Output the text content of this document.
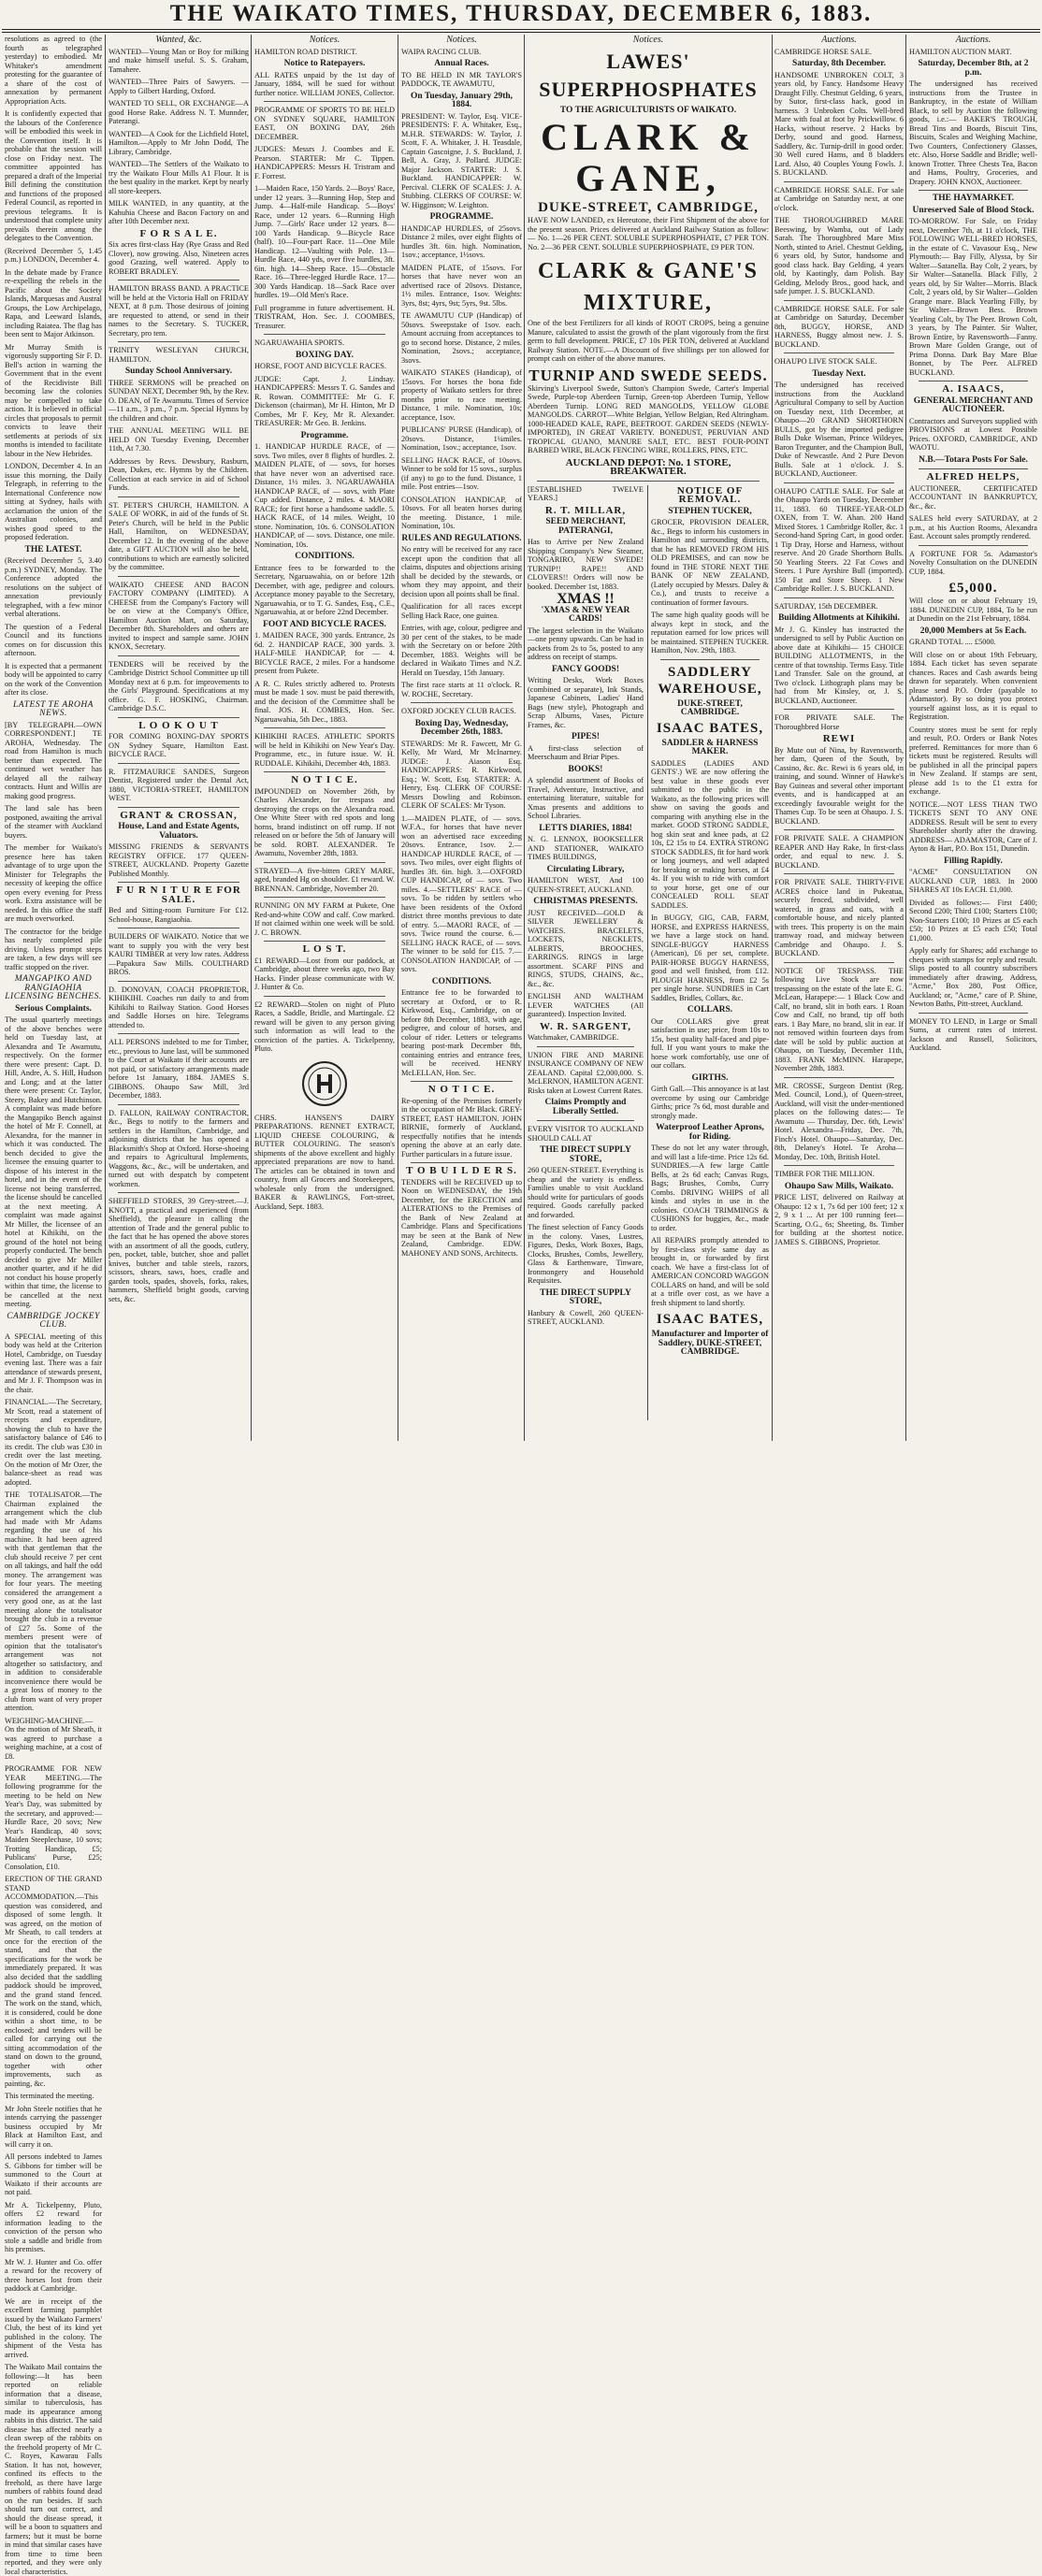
THE WAIKATO TIMES, THURSDAY, DECEMBER 6, 1883.
resolutions as agreed to (the fourth as telegraphed yesterday) to embodied. Mr Whitaker's amendment protesting for the guarantee of a share of the cost of annexation by permanent Appropriation Acts.
It is confidently expected that the labours of the Conference will be embodied this week in the Convention itself. It is probable that the session will close on Friday next. The committee appointed has prepared a draft of the Imperial Bill defining the constitution and functions of the proposed Federal Council, as reported in previous telegrams. It is understood that complete unity prevails therein among the delegates to the Convention.
(Received December 5, 1.45 p.m.) LONDON, December 4.
In the debate made by France re-expelling the rebels in the Pacific about the Society Islands, Marquesas and Austral Groups, the Low Archipelago, Rapa, and Leeward Islands, including Raiatea. The flag has been sent to Major Atkinson.
Mr Murray Smith is vigorously supporting Sir F. D. Bell's action in warning the Government that in the event of the Recidiviste Bill becoming law the colonies may be compelled to take action. It is believed in official circles that proposals to permit convicts to leave their settlements at periods of six months is intended to facilitate labour in the New Hebrides.
LONDON, December 4. In an issue this morning, the Daily Telegraph, in referring to the International Conference now sitting at Sydney, hails with acclamation the union of the Australian colonies, and wishes good speed to the proposed federation.
THE LATEST.
(Received December 5, 3.40 p.m.) SYDNEY, Monday. The Conference adopted the resolutions on the subject of annexation previously telegraphed, with a few minor verbal alterations.
The question of a Federal Council and its functions comes on for discussion this afternoon.
It is expected that a permanent body will be appointed to carry on the work of the Convention after its close.
LATEST TE AROHA NEWS.
[BY TELEGRAPH.—OWN CORRESPONDENT.] TE AROHA, Wednesday. The road from Hamilton is much better than expected. The continued wet weather has delayed all the railway contracts. Hunt and Willis are making good progress.
The land sale has been postponed, awaiting the arrival of the steamer with Auckland buyers.
The member for Waikato's presence here has taken advantage of to urge upon the Minister for Telegraphs the necessity of keeping the office open every evening for Press work. Extra assistance will be needed. In this office the staff are much overworked.
The contractor for the bridge has nearly completed pile driving. Unless prompt steps are taken, a few days will see traffic stopped on the river.
MANGAPIKO AND RANGIAOHIA LICENSING BENCHES.
Serious Complaints.
The usual quarterly meetings of the above benches were held on Tuesday last, at Alexandra and Te Awamutu, respectively. On the former there were present: Capt. D. Hill, Andre, A. S. Hill, Hudson and Long; and at the latter there were present: Cr. Taylor, Steery, Bakey and Hutchinson. A complaint was made before the Mangapiko Bench against the hotel of Mr F. Connell, at Alexandra, for the manner in which it was conducted. The bench decided to give the licensee the ensuing quarter to dispose of his interest in the hotel, and in the event of the license not being transferred, the license should be cancelled at the next meeting. A complaint was made against Mr Miller, the licensee of an hotel at Kihikihi, on the ground of the hotel not being properly conducted. The bench decided to give Mr Miller another quarter, and if he did not conduct his house properly within that time, the license to be cancelled at the next meeting.
CAMBRIDGE JOCKEY CLUB.
A SPECIAL meeting of this body was held at the Criterion Hotel, Cambridge, on Tuesday evening last. There was a fair attendance of stewards present, and Mr J. F. Thompson was in the chair.
FINANCIAL.—The Secretary, Mr Scott, read a statement of receipts and expenditure, showing the club to have the satisfactory balance of £46 to its credit. The club was £30 in credit over the last meeting. On the motion of Mr Ozer, the balance-sheet as read was adopted.
THE TOTALISATOR.—The Chairman explained the arrangement which the club had made with Mr Adams regarding the use of his machine. It had been agreed with that gentleman that the club should receive 7 per cent on all takings, and half the odd money. The arrangement was for four years. The meeting considered the arrangement a very good one, as at the last meeting alone the totalisator brought the club in a revenue of £27 5s. Some of the members present were of opinion that the totalisator's arrangement was not altogether so satisfactory, and in addition to considerable inconvenience there would be a great loss of money to the club from want of very proper attention.
WEIGHING-MACHINE.—On the motion of Mr Sheath, it was agreed to purchase a weighing machine, at a cost of £8.
PROGRAMME FOR NEW YEAR MEETING.—The following programme for the meeting to be held on New Year's Day, was submitted by the secretary, and approved:—Hurdle Race, 20 sovs; New Year's Handicap, 40 sovs; Maiden Steeplechase, 10 sovs; Trotting Handicap, £5; Publicans' Purse, £25; Consolation, £10.
ERECTION OF THE GRAND STAND ACCOMMODATION.—This question was considered, and disposed of some length. It was agreed, on the motion of Mr Sheath, to call tenders at once for the erection of the stand, and that the specifications for the work be immediately prepared. It was also decided that the saddling paddock should be improved, and the grand stand fenced. The work on the stand, which, it is considered, could be done within a short time, to be enclosed; and tenders will be called for carrying out the sitting accommodation of the stand on down to the ground, together with other improvements, such as painting, &c.
This terminated the meeting.
Mr John Steele notifies that he intends carrying the passenger business occupied by Mr Black at Hamilton East, and will carry it on.
All persons indebted to James S. Gibbons for timber will be summoned to the Court at Waikato if their accounts are not paid.
Mr A. Tickelpenny, Pluto, offers £2 reward for information leading to the conviction of the person who stole a saddle and bridle from his premises.
Mr W. J. Hunter and Co. offer a reward for the recovery of three horses lost from their paddock at Cambridge.
We are in receipt of the excellent farming pamphlet issued by the Waikato Farmers' Club, the best of its kind yet published in the colony. The shipment of the Vesta has arrived.
The Waikato Mail contains the following:—It has been reported on reliable information that a disease, similar to tuberculosis, has made its appearance among rabbits in this district. The said disease has affected nearly a clean sweep of the rabbits on the freehold property of Mr C. C. Royes, Kawarau Falls Station. It has not, however, confined its effects to the freehold, as there have large numbers of rabbits found dead on the run besides. If such should turn out correct, and should the disease spread, it will be a boon to squatters and farmers; but it must be borne in mind that similar cases have from time to time been reported, and they were only local characteristics.
Wanted, &c.
WANTED—Young Man or Boy for milking and make himself useful. S. S. Graham, Tamahere.
WANTED—Three Pairs of Sawyers. —Apply to Gilbert Harding, Oxford.
WANTED TO SELL, OR EXCHANGE—A good Horse Rake. Address N. T. Munnder, Paterangi.
WANTED—A Cook for the Lichfield Hotel, Hamilton.—Apply to Mr John Dodd, The Library, Cambridge.
WANTED—The Settlers of the Waikato to try the Waikato Flour Mills A1 Flour. It is the best quality in the market. Kept by nearly all store-keepers.
MILK WANTED, in any quantity, at the Kahuhia Cheese and Bacon Factory on and after 10th December next.
F O R S A L E.
Six acres first-class Hay (Rye Grass and Red Clover), now growing. Also, Nineteen acres good Grazing, well watered. Apply to ROBERT BRADLEY.
HAMILTON BRASS BAND. A PRACTICE will be held at the Victoria Hall on FRIDAY NEXT, at 8 p.m. Those desirous of joining are requested to attend, or send in their names to the Secretary. S. TUCKER, Secretary, pro tem.
TRINITY WESLEYAN CHURCH, HAMILTON.
Sunday School Anniversary.
THREE SERMONS will be preached on SUNDAY NEXT, December 9th, by the Rev. O. DEAN, of Te Awamutu. Times of Service—11 a.m., 3 p.m., 7 p.m. Special Hymns by the children and choir.
THE ANNUAL MEETING WILL BE HELD ON Tuesday Evening, December 11th, At 7.30.
Addresses by Revs. Dewsbury, Rasburn, Dean, Dukes, etc. Hymns by the Children. Collection at each service in aid of School Funds.
ST. PETER'S CHURCH, HAMILTON. A SALE OF WORK, in aid of the funds of St. Peter's Church, will be held in the Public Hall, Hamilton, on WEDNESDAY, December 12. In the evening of the above date, a GIFT AUCTION will also be held, contributions to which are earnestly solicited by the committee.
WAIKATO CHEESE AND BACON FACTORY COMPANY (LIMITED). A CHEESE from the Company's Factory will be on view at the Company's Office, Hamilton Auction Mart, on Saturday, December 8th. Shareholders and others are invited to inspect and sample same. JOHN KNOX, Secretary.
TENDERS will be received by the Cambridge District School Committee up till Monday next at 6 p.m. for improvements to the Girls' Playground. Specifications at my office. G. F. HOSKING, Chairman. Cambridge D.S.C.
L O O K O U T
FOR COMING BOXING-DAY SPORTS ON Sydney Square, Hamilton East. BICYCLE RACE.
R. FITZMAURICE SANDES, Surgeon Dentist, Registered under the Dental Act, 1880, VICTORIA-STREET, HAMILTON WEST.
GRANT & CROSSAN,
House, Land and Estate Agents, Valuators.
MISSING FRIENDS & SERVANTS REGISTRY OFFICE. 177 QUEEN-STREET, AUCKLAND. Property Gazette Published Monthly.
F U R N I T U R E FOR SALE.
Bed and Sitting-room Furniture For £12. School-house, Rangiaohia.
BUILDERS OF WAIKATO. Notice that we want to supply you with the very best KAURI TIMBER at very low rates. Address—Papakura Saw Mills. COULTHARD BROS.
D. DONOVAN, COACH PROPRIETOR, KIHIKIHI. Coaches run daily to and from Kihikihi to Railway Station. Good Horses and Saddle Horses on hire. Telegrams attended to.
ALL PERSONS indebted to me for Timber, etc., previous to June last, will be summoned to the Court at Waikato if their accounts are not paid, or satisfactory arrangements made before 1st January, 1884. JAMES S. GIBBONS. Ohaupo Saw Mill, 3rd December, 1883.
D. FALLON, RAILWAY CONTRACTOR, &c., Begs to notify to the farmers and settlers in the Hamilton, Cambridge, and adjoining districts that he has opened a Blacksmith's Shop at Oxford. Horse-shoeing and repairs to Agricultural Implements, Waggons, &c., &c., will be undertaken, and turned out with despatch by competent workmen.
SHEFFIELD STORES, 39 Grey-street.—J. KNOTT, a practical and experienced (from Sheffield), the pleasure in calling the attention of Trade and the general public to the fact that he has opened the above stores with an assortment of all the goods, cutlery, pen, pocket, table, butcher, shoe and pallet knives, butcher and table steels, razors, scissors, shears, saws, hoes, cradle and garden tools, spades, shovels, forks, rakes, hammers, Sheffield bright goods, carving sets, &c.
Notices.
HAMILTON ROAD DISTRICT.
Notice to Ratepayers.
ALL RATES unpaid by the 1st day of January, 1884, will be sued for without further notice. WILLIAM JONES, Collector.
PROGRAMME OF SPORTS TO BE HELD ON SYDNEY SQUARE, HAMILTON EAST, ON BOXING DAY, 26th DECEMBER.
JUDGES: Messrs J. Coombes and E. Pearson. STARTER: Mr C. Tippen. HANDICAPPERS: Messrs H. Tristram and F. Forrest.
1—Maiden Race, 150 Yards. 2—Boys' Race, under 12 years. 3—Running Hop, Step and Jump. 4—Half-mile Handicap. 5—Boys' Race, under 12 years. 6—Running High Jump. 7—Girls' Race under 12 years. 8—100 Yards Handicap. 9—Bicycle Race (half). 10—Four-part Race. 11—One Mile Handicap. 12—Vaulting with Pole. 13—Hurdle Race, 440 yds, over five hurdles, 3ft. 6in. high. 14—Sheep Race. 15—Obstacle Race. 16—Three-legged Hurdle Race. 17—300 Yards Handicap. 18—Sack Race over hurdles. 19—Old Men's Race.
Full programme in future advertisement. H. TRISTRAM, Hon. Sec. J. COOMBES, Treasurer.
NGARUAWAHIA SPORTS.
BOXING DAY.
HORSE, FOOT AND BICYCLE RACES.
JUDGE: Capt. J. Lindsay. HANDICAPPERS: Messrs T. G. Sandes and R. Rowan. COMMITTEE: Mr G. F. Dickenson (chairman), Mr H. Hinton, Mr D Combes, Mr F. Key, Mr R. Alexander. TREASURER: Mr Geo. B. Jenkins.
Programme.
1. HANDICAP HURDLE RACE, of — sovs. Two miles, over 8 flights of hurdles. 2. MAIDEN PLATE, of — sovs, for horses that have never won an advertised race. Distance, 1½ miles. 3. NGARUAWAHIA HANDICAP RACE, of — sovs, with Plate Cup added. Distance, 2 miles. 4. MAORI RACE; for first horse a handsome saddle. 5. HACK RACE, of 14 miles. Weight, 10 stone. Nomination, 10s. 6. CONSOLATION HANDICAP, of — sovs. Distance, one mile. Nomination, 10s.
CONDITIONS.
Entrance fees to be forwarded to the Secretary, Ngaruawahia, on or before 12th December, with age, pedigree and colours. Acceptance money payable to the Secretary, Ngaruawahia, or to T. G. Sandes, Esq., C.E., Ngaruawahia, at or before 22nd December.
FOOT AND BICYCLE RACES.
1. MAIDEN RACE, 300 yards. Entrance, 2s 6d. 2. HANDICAP RACE, 300 yards. 3. HALF-MILE HANDICAP, for — 4. BICYCLE RACE, 2 miles. For a handsome present from Pukete.
A R. C. Rules strictly adhered to. Protests must be made 1 sov. must be paid therewith, and the decision of the Committee shall be final. JOS. H. COMBES, Hon. Sec. Ngaruawahia, 5th Dec., 1883.
KIHIKIHI RACES. ATHLETIC SPORTS will be held in Kihikihi on New Year's Day. Programme, etc., in future issue. W. H. RUDDALE. Kihikihi, December 4th, 1883.
N O T I C E.
IMPOUNDED on November 26th, by Charles Alexander, for trespass and destroying the crops on the Alexandra road. One White Steer with red spots and long horns, brand indistinct on off rump. If not released on or before the 5th of January will be sold. ROBT. ALEXANDER. Te Awamutu, November 28th, 1883.
STRAYED—A five-bitten GREY MARE, aged, branded Hg on shoulder. £1 reward. W. BRENNAN. Cambridge, November 20.
RUNNING ON MY FARM at Pukete, One Red-and-white COW and calf. Cow marked. If not claimed within one week will be sold. J. C. BROWN.
L O S T.
£1 REWARD—Lost from our paddock, at Cambridge, about three weeks ago, two Bay Hacks. Finder please communicate with W. J. Hunter & Co.
£2 REWARD—Stolen on night of Pluto Races, a Saddle, Bridle, and Martingale. £2 reward will be given to any person giving such information as will lead to the conviction of the parties. A. Tickelpenny, Pluto.
CHRS. HANSEN'S DAIRY PREPARATIONS. RENNET EXTRACT, LIQUID CHEESE COLOURING, & BUTTER COLOURING. The season's shipments of the above excellent and highly appreciated preparations are now to hand. The articles can be obtained in town and country, from all Grocers and Storekeepers, wholesale only from the undersigned. BAKER & RAWLINGS, Fort-street, Auckland, Sept. 1883.
Notices.
WAIPA RACING CLUB.
Annual Races.
TO BE HELD IN MR TAYLOR'S PADDOCK, TE AWAMUTU,
On Tuesday, January 29th, 1884.
PRESIDENT: W. Taylor, Esq. VICE-PRESIDENTS: F. A. Whitaker, Esq., M.H.R. STEWARDS: W. Taylor, J. Scott, F. A. Whitaker, J. H. Teasdale, Captain Gascoigne, J. S. Buckland, J. Bell, A. Gray, J. Pollard. JUDGE: Major Jackson. STARTER: J. S. Buckland. HANDICAPPER: W. Percival. CLERK OF SCALES: J. A. Stubbing. CLERKS OF COURSE: W. W. Higginson; W. Leighton.
PROGRAMME.
HANDICAP HURDLES, of 25sovs. Distance 2 miles, over eight flights of hurdles 3ft. 6in. high. Nomination, 1sov.; acceptance, 1½sovs.
MAIDEN PLATE, of 15sovs. For horses that have never won an advertised race of 20sovs. Distance, 1½ miles. Entrance, 1sov. Weights: 3yrs, 8st; 4yrs, 9st; 5yrs, 9st. 5lbs.
TE AWAMUTU CUP (Handicap) of 50sovs. Sweepstake of 1sov. each. Amount accruing from acceptances to go to second horse. Distance, 2 miles. Nomination, 2sovs.; acceptance, 3sovs.
WAIKATO STAKES (Handicap), of 15sovs. For horses the bona fide property of Waikato settlers for three months prior to race meeting. Distance, 1 mile. Nomination, 10s; acceptance, 1sov.
PUBLICANS' PURSE (Handicap), of 20sovs. Distance, 1¼miles. Nomination, 1sov.; acceptance, 1sov.
SELLING HACK RACE, of 10sovs. Winner to be sold for 15 sovs., surplus (if any) to go to the fund. Distance, 1 mile. Post entries—1sov.
CONSOLATION HANDICAP, of 10sovs. For all beaten horses during the meeting. Distance, 1 mile. Nomination, 10s.
RULES AND REGULATIONS.
No entry will be received for any race except upon the condition that all claims, disputes and objections arising shall be decided by the stewards, or whom they may appoint, and their decision upon all points shall be final.
Qualification for all races except Selling Hack Race, one guinea.
Entries, with age, colour, pedigree and 30 per cent of the stakes, to be made with the Secretary on or before 20th December, 1883. Weights will be declared in Waikato Times and N.Z. Herald on Tuesday, 15th January.
The first race starts at 11 o'clock. R. W. ROCHE, Secretary.
OXFORD JOCKEY CLUB RACES.
Boxing Day, Wednesday, December 26th, 1883.
STEWARDS: Mr R. Fawcett, Mr G. Kelly, Mr Ward, Mr McInarney. JUDGE: J. Aiason Esq. HANDICAPPERS: R. Kirkwood, Esq.; W. Scott, Esq. STARTER: A. Henry, Esq. CLERK OF COURSE: Messrs Dowling and Robinson. CLERK OF SCALES: Mr Tyson.
1.—MAIDEN PLATE, of — sovs. W.F.A., for horses that have never won an advertised race exceeding 20sovs. Entrance, 1sov. 2.—HANDICAP HURDLE RACE, of — sovs. Two miles, over eight flights of hurdles 3ft. 6in. high. 3.—OXFORD CUP HANDICAP, of — sovs. Two miles. 4.—SETTLERS' RACE of — sovs. To be ridden by settlers who have been residents of the Oxford district three months previous to date of entry. 5.—MAORI RACE, of — sovs. Twice round the course. 6.—SELLING HACK RACE, of — sovs. The winner to be sold for £15. 7.—CONSOLATION HANDICAP, of — sovs.
CONDITIONS.
Entrance fee to be forwarded to secretary at Oxford, or to R. Kirkwood, Esq., Cambridge, on or before 8th December, 1883, with age, pedigree, and colour of horses, and colour of rider. Letters or telegrams bearing post-mark December 8th, containing entries and entrance fees, will be received. HENRY McLELLAN, Hon. Sec.
N O T I C E.
Re-opening of the Premises formerly in the occupation of Mr Black. GREY-STREET, EAST HAMILTON. JOHN BIRNIE, formerly of Auckland, respectfully notifies that he intends opening the above at an early date. Further particulars in a future issue.
T O B U I L D E R S.
TENDERS will be RECEIVED up to Noon on WEDNESDAY, the 19th December, for the ERECTION and ALTERATIONS to the Premises of the Bank of New Zealand at Cambridge. Plans and Specifications may be seen at the Bank of New Zealand, Cambridge. EDW. MAHONEY AND SONS, Architects.
Notices.
LAWES' SUPERPHOSPHATES
TO THE AGRICULTURISTS OF WAIKATO.
CLARK & GANE,
DUKE-STREET, CAMBRIDGE,
HAVE NOW LANDED, ex Hereutone, their First Shipment of the above for the present season. Prices delivered at Auckland Railway Station as follow:— No. 1—26 PER CENT. SOLUBLE SUPERPHOSPHATE, £7 PER TON. No. 2—36 PER CENT. SOLUBLE SUPERPHOSPHATE, £9 PER TON.
CLARK & GANE'S MIXTURE,
One of the best Fertilizers for all kinds of ROOT CROPS, being a genuine Manure, calculated to assist the growth of the plant vigorously from the first germ to full development. PRICE, £7 10s PER TON, delivered at Auckland Railway Station. NOTE.—A Discount of five shillings per ton allowed for prompt cash on either of the above manures.
TURNIP AND SWEDE SEEDS.
Skirving's Liverpool Swede, Sutton's Champion Swede, Carter's Imperial Swede, Purple-top Aberdeen Turnip, Green-top Aberdeen Turnip, Yellow Aberdeen Turnip. LONG RED MANGOLDS, YELLOW GLOBE MANGOLDS. CARROT—White Belgian, Yellow Belgian, Red Altringham. 1000-HEADED KALE, RAPE, BEETROOT. GARDEN SEEDS (NEWLY-IMPORTED), IN GREAT VARIETY. BONEDUST, PERUVIAN AND TROPICAL GUANO, MANURE SALT, ETC. BEST FOUR-POINT BARBED WIRE, BLACK FENCING WIRE, ROLLERS, PINS, ETC.
AUCKLAND DEPOT: No. 1 STORE, BREAKWATER.
[ESTABLISHED TWELVE YEARS.]
R. T. MILLAR,
SEED MERCHANT, PATERANGI,
Has to Arrive per New Zealand Shipping Company's New Steamer, TONGARIRO, NEW SWEDE! TURNIP!! RAPE!! AND CLOVERS!! Orders will now be booked. December 1st, 1883.
XMAS !!
'XMAS & NEW YEAR CARDS!
The largest selection in the Waikato—one penny upwards. Can be had in packets from 2s to 5s, posted to any address on receipt of stamps.
FANCY GOODS!
Writing Desks, Work Boxes (combined or separate), Ink Stands, Japanese Cabinets, Ladies' Hand Bags (new style), Photograph and Scrap Albums, Vases, Picture Frames, &c.
PIPES!
A first-class selection of Meerschaum and Briar Pipes.
BOOKS!
A splendid assortment of Books of Travel, Adventure, Instructive, and entertaining literature, suitable for Xmas presents and additions to School Libraries.
LETTS DIARIES, 1884!
N. G. LENNOX, BOOKSELLER AND STATIONER, WAIKATO TIMES BUILDINGS,
Circulating Library,
HAMILTON WEST, And 100 QUEEN-STREET, AUCKLAND.
CHRISTMAS PRESENTS.
JUST RECEIVED—GOLD & SILVER JEWELLERY & WATCHES. BRACELETS, LOCKETS, NECKLETS, ALBERTS, BROOCHES, EARRINGS. RINGS in large assortment. SCARF PINS and RINGS, STUDS, CHAINS, &c., &c., &c.
ENGLISH AND WALTHAM LEVER WATCHES (All guaranteed). Inspection Invited.
W. R. SARGENT,
Watchmaker, CAMBRIDGE.
UNION FIRE AND MARINE INSURANCE COMPANY OF NEW ZEALAND. Capital £2,000,000. S. McLERNON, HAMILTON AGENT. Risks taken at Lowest Current Rates.
Claims Promptly and Liberally Settled.
EVERY VISITOR TO AUCKLAND SHOULD CALL AT
THE DIRECT SUPPLY STORE,
260 QUEEN-STREET. Everything is cheap and the variety is endless. Families unable to visit Auckland should write for particulars of goods required. Goods carefully packed and forwarded.
The finest selection of Fancy Goods in the colony. Vases, Lustres, Figures, Desks, Work Boxes, Bags, Clocks, Brushes, Combs, Jewellery, Glass & Earthenware, Tinware, Ironmongery and Household Requisites.
THE DIRECT SUPPLY STORE,
Hanbury & Cowell, 260 QUEEN-STREET, AUCKLAND.
NOTICE OF REMOVAL.
STEPHEN TUCKER,
GROCER, PROVISION DEALER, &c., Begs to inform his customers in Hamilton and surrounding districts, that he has REMOVED FROM HIS OLD PREMISES, and can now be found in THE STORE NEXT THE BANK OF NEW ZEALAND, (Lately occupied by Messrs. Daley & Co.), and trusts to receive a continuation of former favours.
The same high quality goods will be always kept in stock, and the reputation earned for low prices will be maintained. STEPHEN TUCKER. Hamilton, Nov. 29th, 1883.
SADDLERY WAREHOUSE,
DUKE-STREET, CAMBRIDGE.
ISAAC BATES,
SADDLER & HARNESS MAKER.
SADDLES (LADIES AND GENTS'.) WE are now offering the best value in these goods ever submitted to the public in the Waikato, as the following prices will show on saving the goods and comparing with anything else in the market. GOOD STRONG SADDLE, hog skin seat and knee pads, at £2 10s, £2 15s to £4. EXTRA STRONG STOCK SADDLES, fit for hard work or long journeys, and well adapted for breaking or making horses, at £4 4s. If you wish to ride with comfort to your horse, get one of our CONCEALED ROLL SEAT SADDLES.
In BUGGY, GIG, CAB, FARM, HORSE, and EXPRESS HARNESS, we have a large stock on hand. SINGLE-BUGGY HARNESS (American), £6 per set, complete. PAIR-HORSE BUGGY HARNESS, good and well finished, from £12. PLOUGH HARNESS, from £2 5s per single horse. SUNDRIES in Cart Saddles, Bridles, Collars, &c.
COLLARS.
Our COLLARS give great satisfaction in use; price, from 10s to 15s, best quality half-faced and pipe-full. If you want yours to make the horse work comfortably, use one of our collars.
GIRTHS.
Girth Gall.—This annoyance is at last overcome by using our Cambridge Girths; price 7s 6d, most durable and strongly made.
Waterproof Leather Aprons, for Riding.
These do not let any water through, and will last a life-time. Price 12s 6d. SUNDRIES.—A few large Cattle Bells, at 2s 6d each; Canvas Rugs, Bags; Brushes, Combs, Curry Combs. DRIVING WHIPS of all kinds and styles in use in the colonies. COACH TRIMMINGS & CUSHIONS for buggies, &c., made to order.
All REPAIRS promptly attended to by first-class style same day as brought in, or forwarded by first coach. We have a first-class lot of AMERICAN CONCORD WAGGON COLLARS on hand, and will be sold at a trifle over cost, as we have a fresh shipment to land shortly.
ISAAC BATES,
Manufacturer and Importer of Saddlery, DUKE-STREET, CAMBRIDGE.
Auctions.
CAMBRIDGE HORSE SALE.
Saturday, 8th December.
HANDSOME UNBROKEN COLT, 3 years old, by Fancy. Handsome Heavy Draught Filly. Chestnut Gelding, 6 years, by Sutor, first-class hack, good in harness. 3 Unbroken Colts. Well-bred Mare with foal at foot by Prickwillow. 6 Hacks, without reserve. 2 Hacks by Derby, sound and good. Harness, Saddlery, &c. Turnip-drill in good order. 30 Well cured Hams, and 8 bladders Lard. Also, 40 Couples Young Fowls. J. S. BUCKLAND.
CAMBRIDGE HORSE SALE. For sale at Cambridge on Saturday next, at one o'clock.
THE THOROUGHBRED MARE Beeswing, by Wamba, out of Lady Sarah. The Thoroughbred Mare Miss North, stinted to Ariel. Chestnut Gelding, 6 years old, by Sutor, handsome and good class hack. Bay Gelding, 4 years old, by Kaotingly, dam Polish. Bay Gelding, Melody Bros., good hack, and safe jumper. J. S. BUCKLAND.
CAMBRIDGE HORSE SALE. For sale at Cambridge on Saturday, December 8th, BUGGY, HORSE, AND HARNESS, Buggy almost new. J. S. BUCKLAND.
OHAUPO LIVE STOCK SALE.
Tuesday Next.
The undersigned has received instructions from the Auckland Agricultural Company to sell by Auction on Tuesday next, 11th December, at Ohaupo—20 GRAND SHORTHORN BULLS, got by the imported pedigree Bulls Duke Wiseman, Prince Wildeyes, Baron Tregunter, and the Champion Bull, Duke of Newcastle. And 2 Pure Devon Bulls. Sale at 1 o'clock. J. S. BUCKLAND, Auctioneer.
OHAUPO CATTLE SALE. For Sale at the Ohaupo Yards on Tuesday, December 11, 1883. 60 THREE-YEAR-OLD OXEN, from T. W. Ahan. 200 Hand Mixed Stores. 1 Cambridge Roller, &c. 1 Second-hand Spring Cart, in good order. 1 Tip Dray, Horse and Harness, without reserve. And 20 Grade Shorthorn Bulls. 50 Yearling Steers. 22 Fat Cows and Steers. 1 Pure Ayrshire Bull (imported). 150 Fat and Store Sheep. 1 New Cambridge Roller. J. S. BUCKLAND.
SATURDAY, 15th DECEMBER.
Building Allotments at Kihikihi.
Mr J. G. Kinsley has instructed the undersigned to sell by Public Auction on above date at Kihikihi— 15 CHOICE BUILDING ALLOTMENTS, in the centre of that township. Terms Easy. Title Land Transfer. Sale on the ground, at Two o'clock. Lithograph plans may be had from Mr Kinsley, or, J. S. BUCKLAND, Auctioneer.
FOR PRIVATE SALE. The Thoroughbred Horse
REWI
By Mute out of Nina, by Ravensworth, her dam, Queen of the South, by Cassino, &c. &c. Rewi is 6 years old, in training, and sound. Winner of Hawke's Bay Guineas and several other important events, and is handicapped at an exceedingly favourable weight for the Thames Cup. To be seen at Ohaupo. J. S. BUCKLAND.
FOR PRIVATE SALE. A CHAMPION REAPER AND Hay Rake, In first-class order, and equal to new. J. S. BUCKLAND.
FOR PRIVATE SALE. THIRTY-FIVE ACRES choice land in Pukeatua, securely fenced, subdivided, well watered, in grass and oats, with a comfortable house, and nicely planted with trees. This property is on the main tramway road, and midway between Cambridge and Ohaupo. J. S. BUCKLAND.
NOTICE OF TRESPASS. THE following Live Stock are now trespassing on the estate of the late E. G. McLean, Harapepe:— 1 Black Cow and Calf, no brand, slit in both ears. 1 Roan Cow and Calf, no brand, tip off both ears. 1 Bay Mare, no brand, slit in ear. If not removed within fourteen days from date will be sold by public auction at Ohaupo, on Tuesday, December 11th, 1883. FRANK McMINN. Harapepe, November 28th, 1883.
MR. CROSSE, Surgeon Dentist (Reg. Med. Council, Lond.), of Queen-street, Auckland, will visit the under-mentioned places on the following dates:— Te Awamutu — Thursday, Dec. 6th, Lewis' Hotel. Alexandra—Friday, Dec. 7th, Finch's Hotel. Ohaupo—Saturday, Dec. 8th, Delaney's Hotel. Te Aroha—Monday, Dec. 10th, British Hotel.
TIMBER FOR THE MILLION.
Ohaupo Saw Mills, Waikato.
PRICE LIST, delivered on Railway at Ohaupo: 12 x 1, 7s 6d per 100 feet; 12 x 2, 9 x 1 ... At per 100 running feet—Scarting, O.G., 6s; Sheeting, 8s. Timber for building at the shortest notice. JAMES S. GIBBONS, Proprietor.
Auctions.
HAMILTON AUCTION MART.
Saturday, December 8th, at 2 p.m.
The undersigned has received instructions from the Trustee in Bankruptcy, in the estate of William Black, to sell by Auction the following goods, i.e.:— BAKER'S TROUGH, Bread Tins and Boards, Biscuit Tins, Biscuits, Scales and Weighing Machine, Two Counters, Confectionery Glasses, etc. Also, Horse Saddle and Bridle; well-known Trotter. Three Chests Tea, Bacon and Hams, Poultry, Groceries, and Drapery. JOHN KNOX, Auctioneer.
THE HAYMARKET.
Unreserved Sale of Blood Stock.
TO-MORROW. For Sale, on Friday next, December 7th, at 11 o'clock, THE FOLLOWING WELL-BRED HORSES, in the estate of C. Vavasour Esq., New Plymouth:— Bay Filly, Alyssa, by Sir Walter—Satanella. Bay Colt, 2 years, by Sir Walter—Satanella. Black Filly, 2 years old, by Sir Walter—Morris. Black Colt, 2 years old, by Sir Walter—Golden Grange mare. Black Yearling Filly, by Sir Walter—Brown Bess. Brown Yearling Colt, by The Peer. Brown Colt, 3 years, by The Painter. Sir Walter, Brown Entire, by Ravensworth—Fanny. Brown Mare Golden Grange, out of Prima Donna. Dark Bay Mare Blue Bonnet, by The Peer. ALFRED BUCKLAND.
A. ISAACS,
GENERAL MERCHANT AND AUCTIONEER.
Contractors and Surveyors supplied with PROVISIONS at Lowest Possible Prices. OXFORD, CAMBRIDGE, AND WAOTU.
N.B.—Totara Posts For Sale.
ALFRED HELPS,
AUCTIONEER, CERTIFICATED ACCOUNTANT IN BANKRUPTCY, &c., &c.
SALES held every SATURDAY, at 2 p.m., at his Auction Rooms, Alexandra East. Account sales promptly rendered.
A FORTUNE FOR 5s. Adamastor's Novelty Consultation on the DUNEDIN CUP, 1884.
£5,000.
Will close on or about February 19, 1884. DUNEDIN CUP, 1884, To be run at Dunedin on the 21st February, 1884.
20,000 Members at 5s Each.
GRAND TOTAL .... £5000.
Will close on or about 19th February, 1884. Each ticket has seven separate chances. Races and Cash awards being drawn for separately. When convenient please send P.O. Order (payable to Adamastor). By so doing you protect yourself against loss, as it is equal to Registration.
Country stores must be sent for reply and result, P.O. Orders or Bank Notes preferred. Remittances for more than 6 tickets must be registered. Results will be published in all the principal papers in New Zealand. If stamps are sent, please add 1s to the £1 extra for exchange.
NOTICE.—NOT LESS THAN TWO TICKETS SENT TO ANY ONE ADDRESS. Result will be sent to every Shareholder shortly after the drawing. ADDRESS— ADAMASTOR, Care of J. Ayton & Hart, P.O. Box 151, Dunedin.
Filling Rapidly.
"ACME" CONSULTATION ON AUCKLAND CUP, 1883. In 2000 SHARES AT 10s EACH. £1,000.
Divided as follows:— First £400; Second £200; Third £100; Starters £100; Non-Starters £100; 10 Prizes at £5 each £50; 10 Prizes at £5 each £50; Total £1,000.
Apply early for Shares; add exchange to cheques with stamps for reply and result. Slips posted to all country subscribers immediately after drawing. Address, "Acme," Box 280, Post Office, Auckland; or, "Acme," care of P. Shine, Newton Baths, Pitt-street, Auckland.
MONEY TO LEND, in Large or Small Sums, at current rates of interest. Jackson and Russell, Solicitors, Auckland.
